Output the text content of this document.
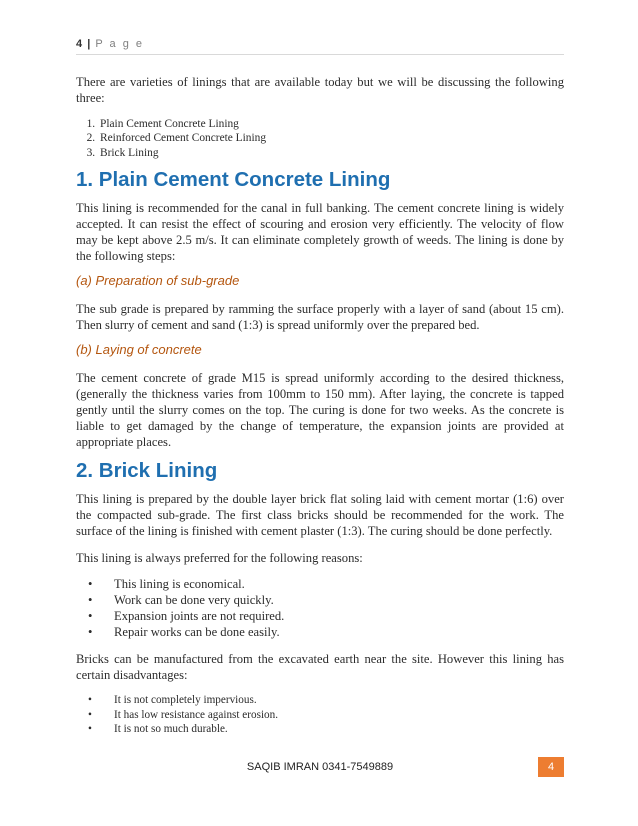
4 | P a g e

There are varieties of linings that are available today but we will be discussing the following three:

1. Plain Cement Concrete Lining
2. Reinforced Cement Concrete Lining
3. Brick Lining
1. Plain Cement Concrete Lining

This lining is recommended for the canal in full banking. The cement concrete lining is widely accepted. It can resist the effect of scouring and erosion very efficiently. The velocity of flow may be kept above 2.5 m/s. It can eliminate completely growth of weeds. The lining is done by the following steps:

(a) Preparation of sub-grade

The sub grade is prepared by ramming the surface properly with a layer of sand (about 15 cm). Then slurry of cement and sand (1:3) is spread uniformly over the prepared bed.

(b) Laying of concrete

The cement concrete of grade M15 is spread uniformly according to the desired thickness, (generally the thickness varies from 100mm to 150 mm). After laying, the concrete is tapped gently until the slurry comes on the top. The curing is done for two weeks. As the concrete is liable to get damaged by the change of temperature, the expansion joints are provided at appropriate places.

2. Brick Lining

This lining is prepared by the double layer brick flat soling laid with cement mortar (1:6) over the compacted sub-grade. The first class bricks should be recommended for the work. The surface of the lining is finished with cement plaster (1:3). The curing should be done perfectly.

This lining is always preferred for the following reasons:

• This lining is economical.
• Work can be done very quickly.
• Expansion joints are not required.
• Repair works can be done easily.

Bricks can be manufactured from the excavated earth near the site. However this lining has certain disadvantages:

• It is not completely impervious.
• It has low resistance against erosion.
• It is not so much durable.
SAQIB IMRAN 0341-7549889	4
